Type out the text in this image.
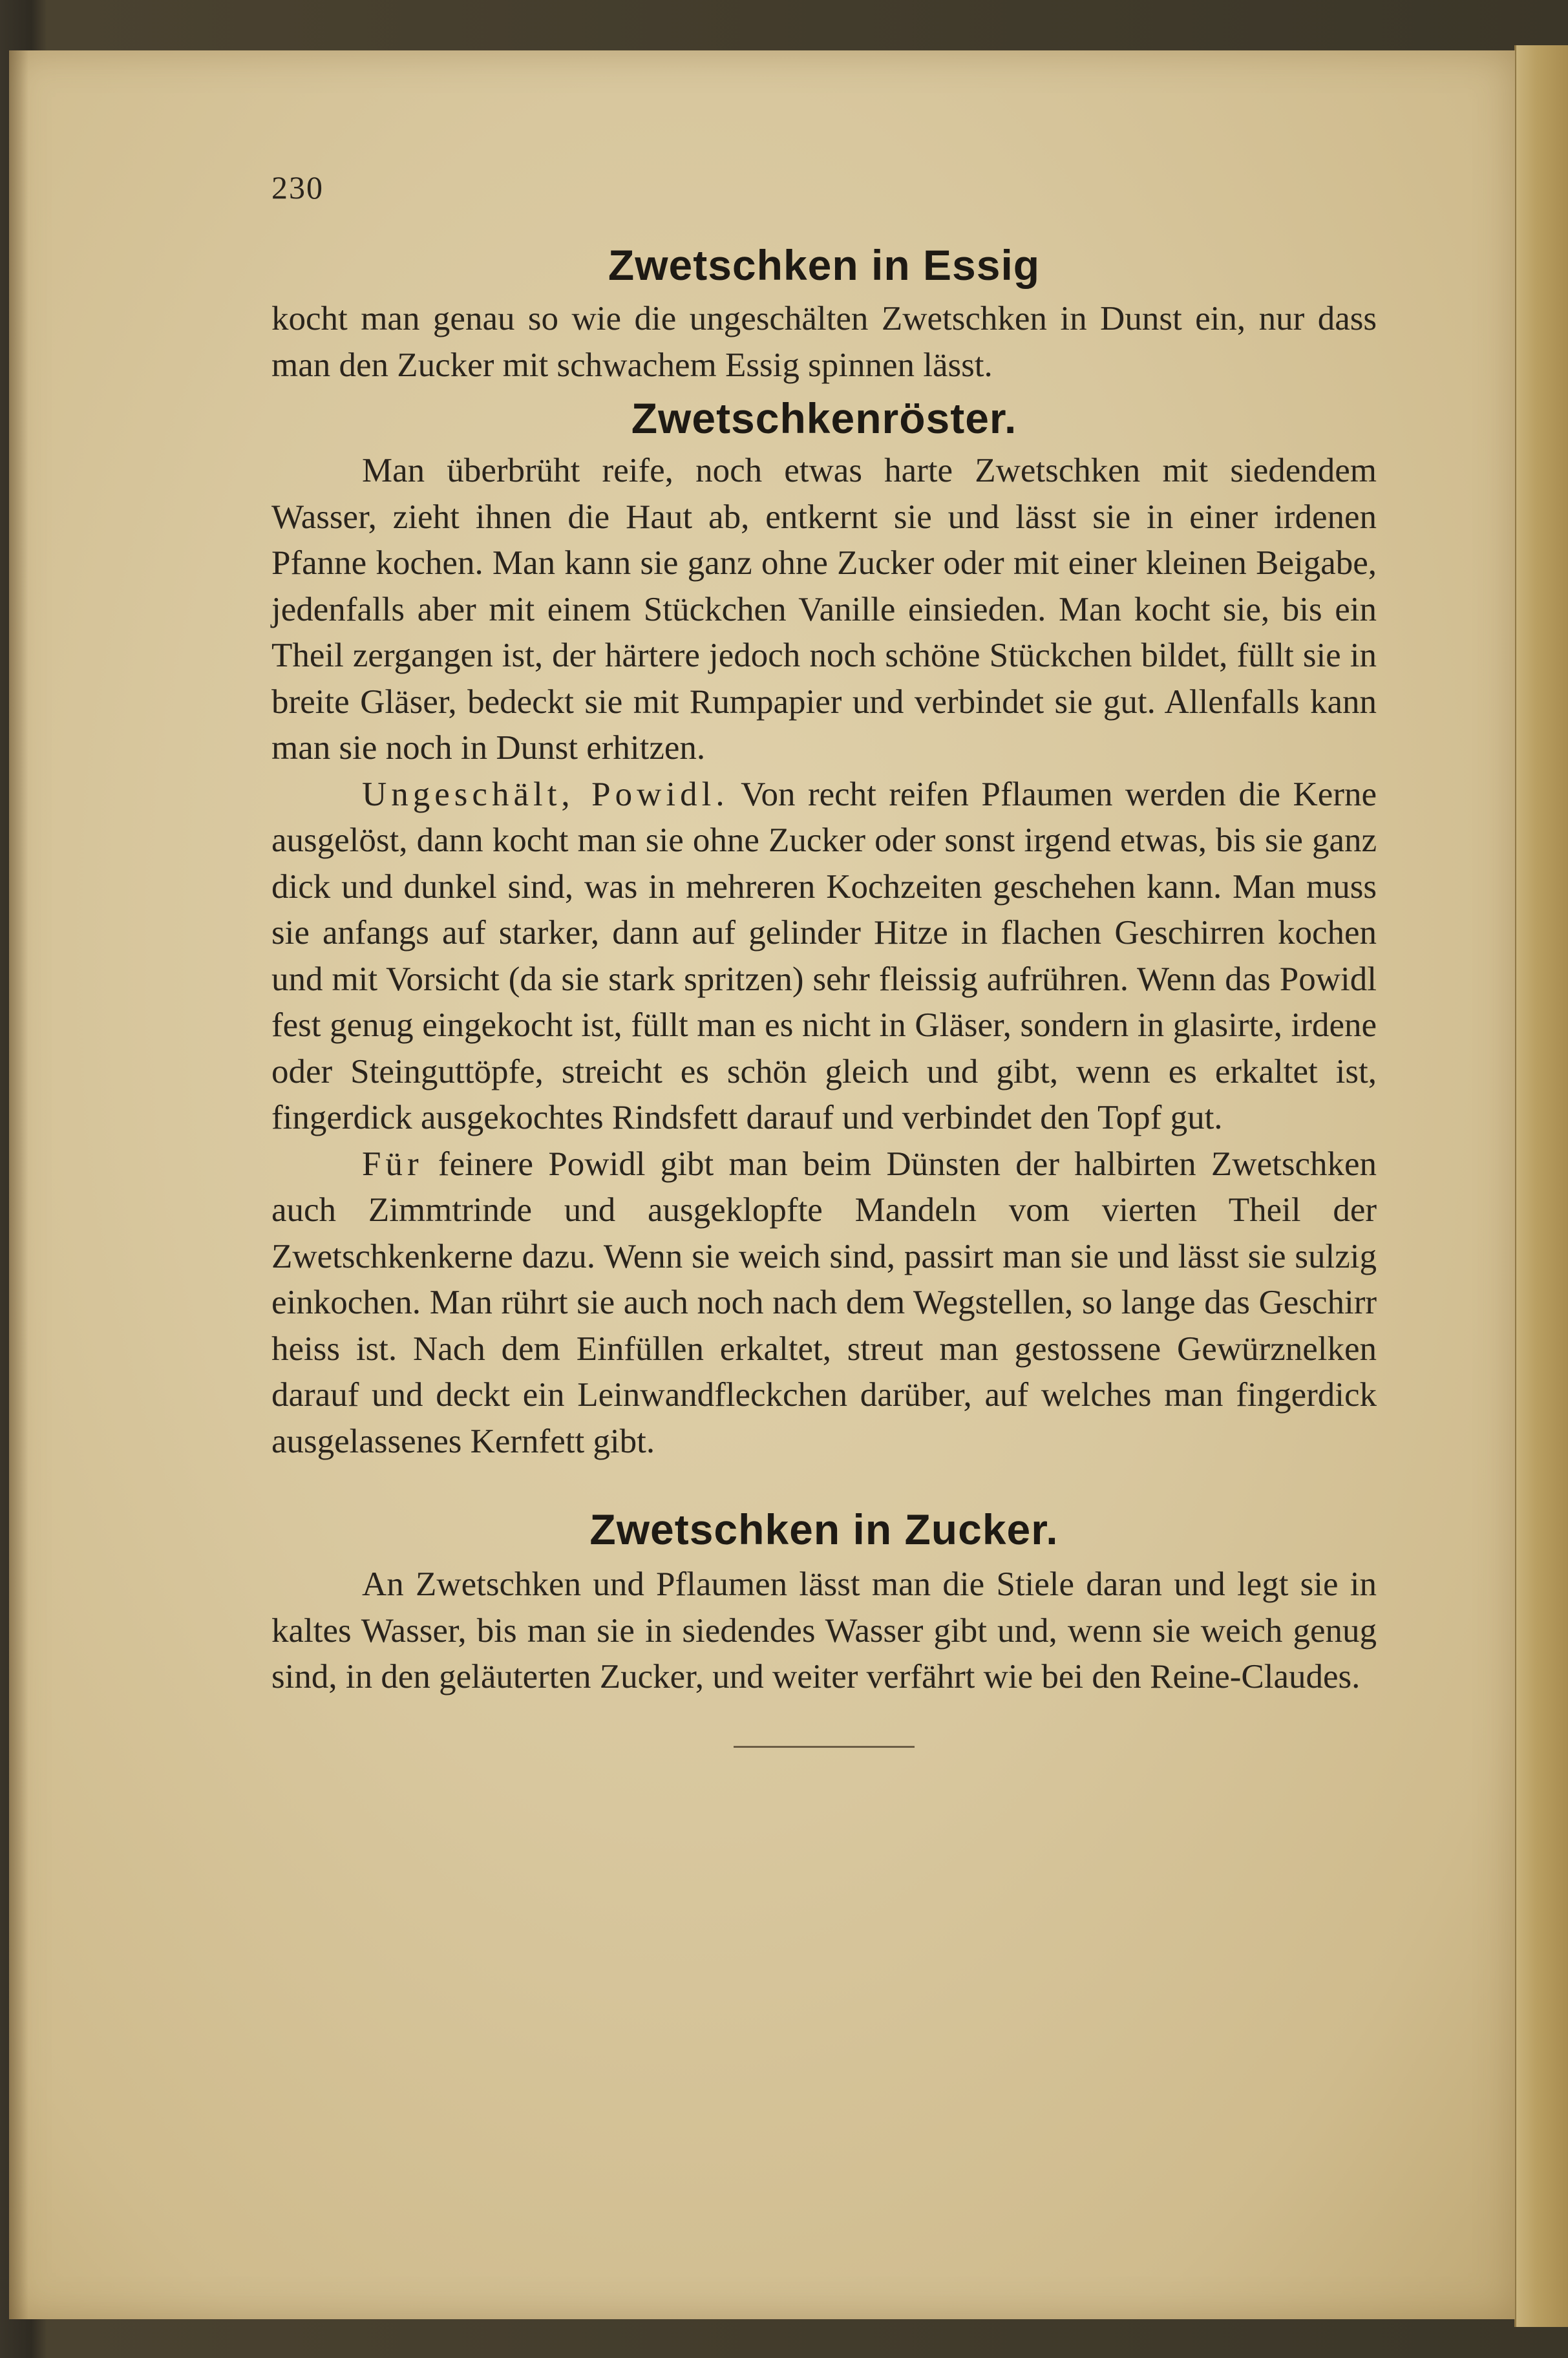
230
Zwetschken in Essig

kocht man genau so wie die ungeschälten Zwetschken in Dunst ein, nur dass man den Zucker mit schwachem Essig spinnen lässt.

Zwetschkenröster.

Man überbrüht reife, noch etwas harte Zwetschken mit siedendem Wasser, zieht ihnen die Haut ab, entkernt sie und lässt sie in einer irdenen Pfanne kochen. Man kann sie ganz ohne Zucker oder mit einer kleinen Beigabe, jedenfalls aber mit einem Stückchen Vanille einsieden. Man kocht sie, bis ein Theil zergangen ist, der härtere jedoch noch schöne Stückchen bildet, füllt sie in breite Gläser, bedeckt sie mit Rumpapier und verbindet sie gut. Allenfalls kann man sie noch in Dunst erhitzen.

Ungeschält, Powidl. Von recht reifen Pflaumen werden die Kerne ausgelöst, dann kocht man sie ohne Zucker oder sonst irgend etwas, bis sie ganz dick und dunkel sind, was in mehreren Kochzeiten geschehen kann. Man muss sie anfangs auf starker, dann auf gelinder Hitze in flachen Geschirren kochen und mit Vorsicht (da sie stark spritzen) sehr fleissig aufrühren. Wenn das Powidl fest genug eingekocht ist, füllt man es nicht in Gläser, sondern in glasirte, irdene oder Steinguttöpfe, streicht es schön gleich und gibt, wenn es erkaltet ist, fingerdick ausgekochtes Rindsfett darauf und verbindet den Topf gut.

Für feinere Powidl gibt man beim Dünsten der halbirten Zwetschken auch Zimmtrinde und ausgeklopfte Mandeln vom vierten Theil der Zwetschkenkerne dazu. Wenn sie weich sind, passirt man sie und lässt sie sulzig einkochen. Man rührt sie auch noch nach dem Wegstellen, so lange das Geschirr heiss ist. Nach dem Einfüllen erkaltet, streut man gestossene Gewürznelken darauf und deckt ein Leinwandfleckchen darüber, auf welches man fingerdick ausgelassenes Kernfett gibt.

Zwetschken in Zucker.

An Zwetschken und Pflaumen lässt man die Stiele daran und legt sie in kaltes Wasser, bis man sie in siedendes Wasser gibt und, wenn sie weich genug sind, in den geläuterten Zucker, und weiter verfährt wie bei den Reine-Claudes.
